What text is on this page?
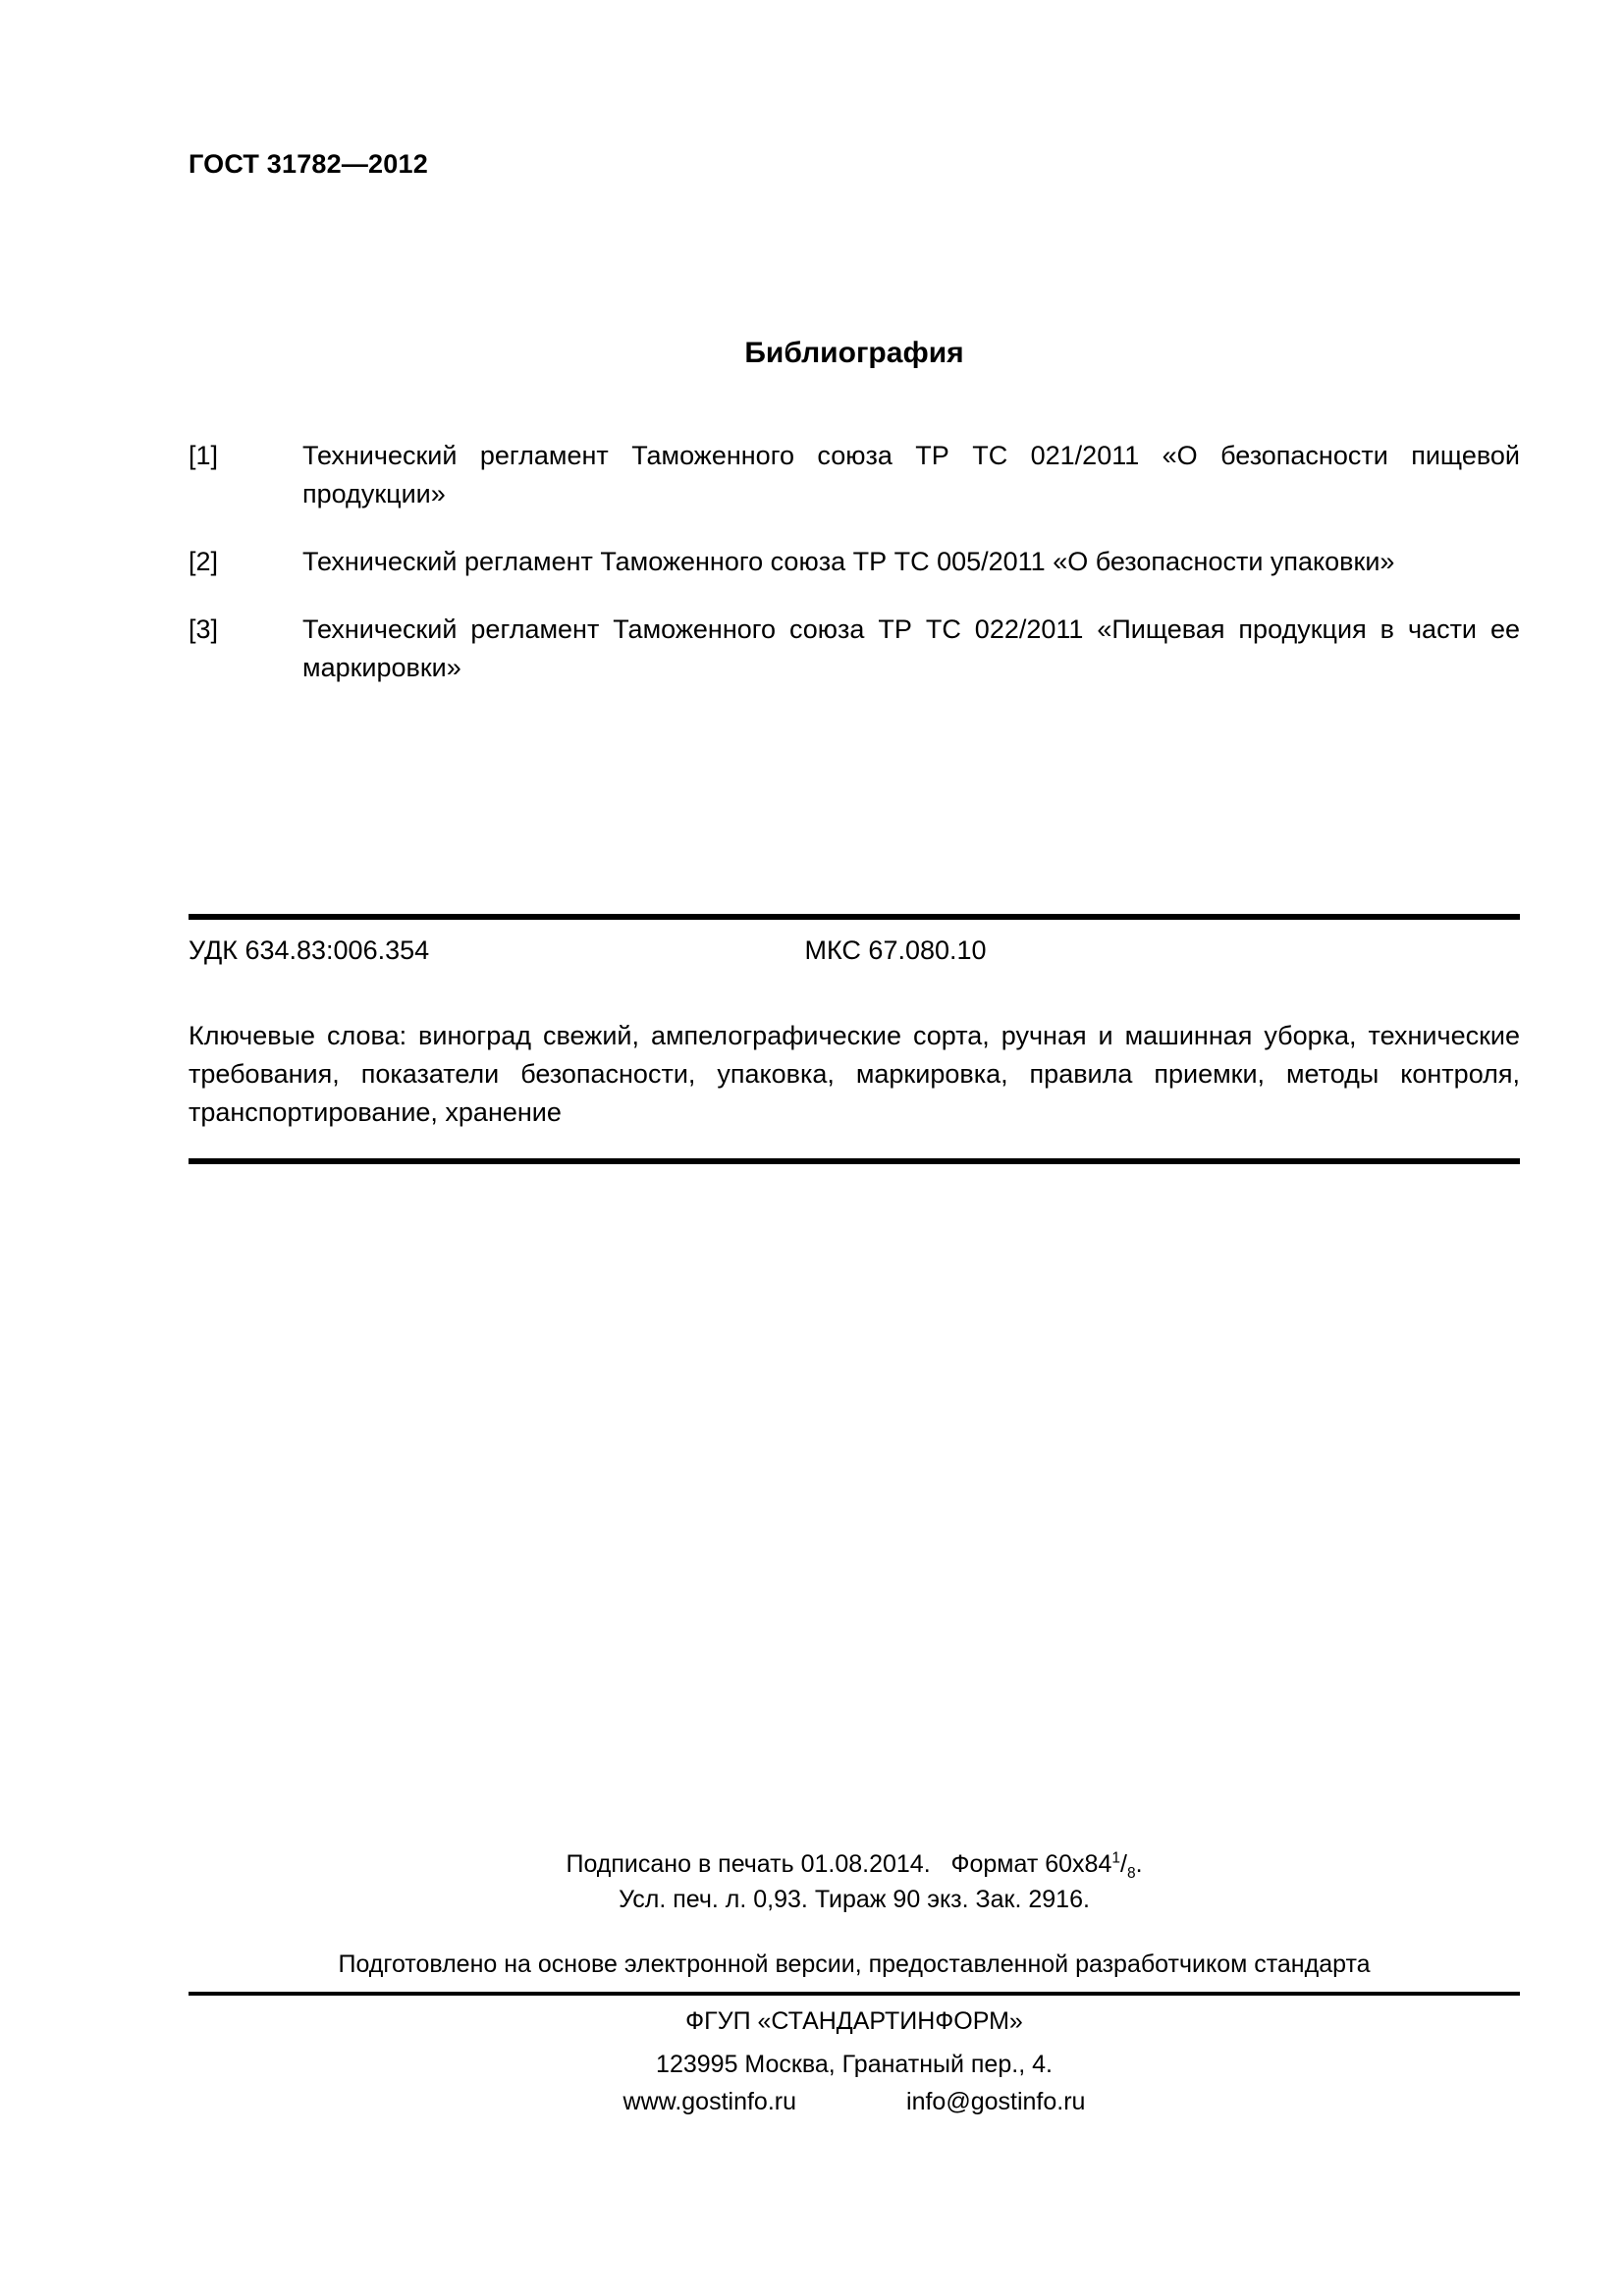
ГОСТ 31782—2012
Библиография
[1]	Технический регламент Таможенного союза ТР ТС 021/2011 «О безопасности пищевой продукции»
[2]	Технический регламент Таможенного союза ТР ТС 005/2011 «О безопасности упаковки»
[3]	Технический регламент Таможенного союза ТР ТС 022/2011 «Пищевая продукция в части ее маркировки»
УДК 634.83:006.354	МКС 67.080.10

Ключевые слова: виноград свежий, ампелографические сорта, ручная и машинная уборка, технические требования, показатели безопасности, упаковка, маркировка, правила приемки, методы контроля, транспортирование, хранение

Подписано в печать 01.08.2014.   Формат $60х84^1/_8$.
Усл. печ. л. 0,93. Тираж 90 экз. Зак. 2916.
Подготовлено на основе электронной версии, предоставленной разработчиком стандарта
ФГУП «СТАНДАРТИНФОРМ»
123995 Москва, Гранатный пер., 4.
www.gostinfo.ru	info@gostinfo.ru
